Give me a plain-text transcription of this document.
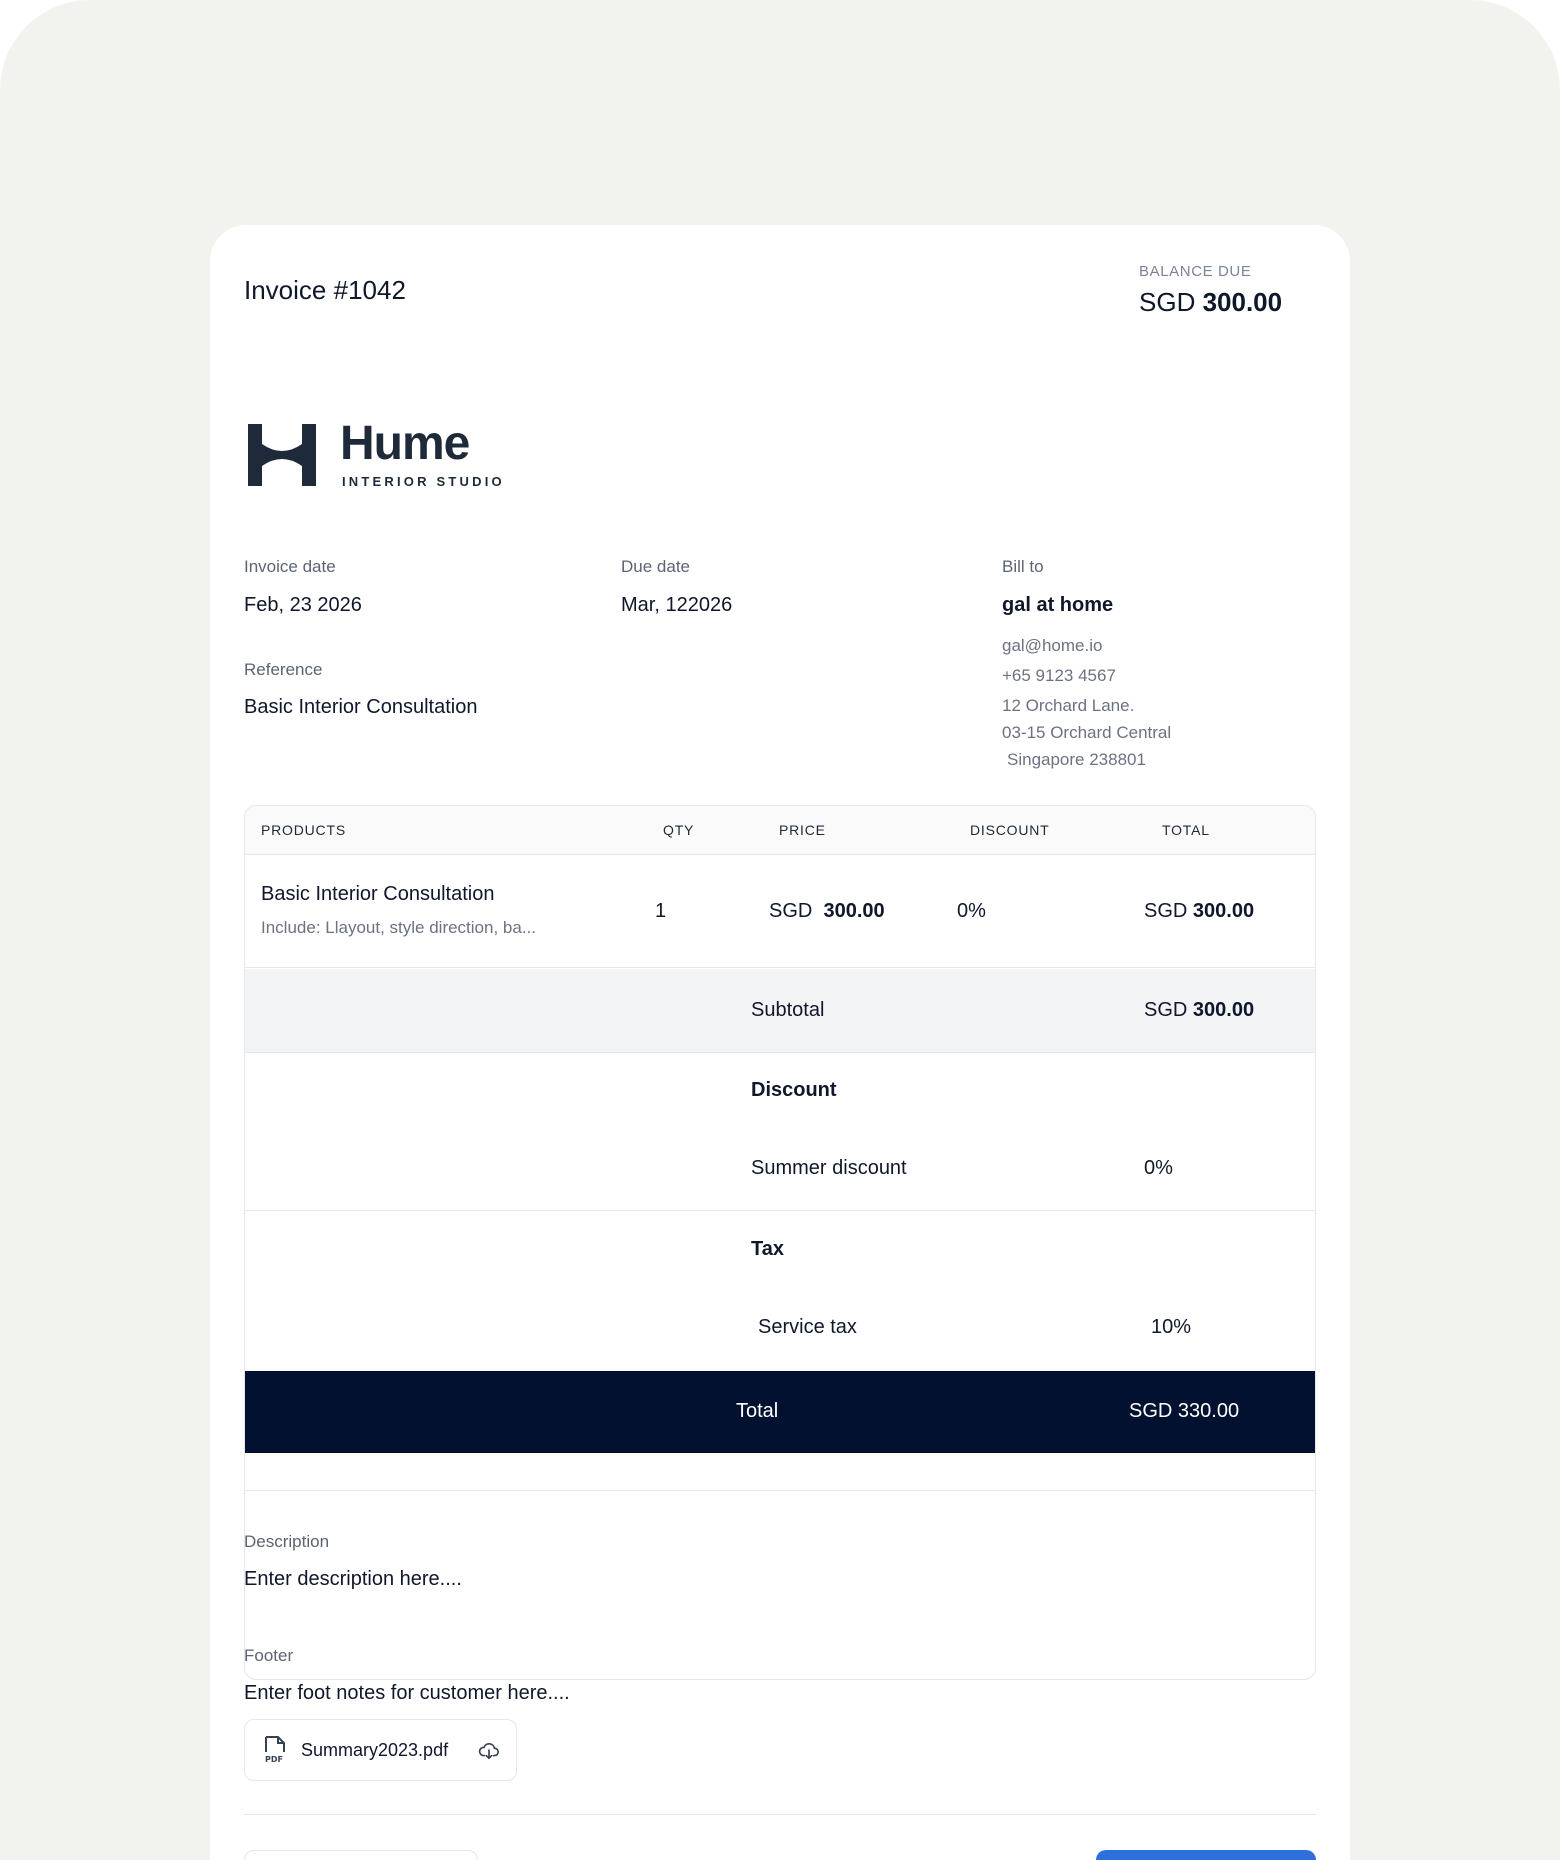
Invoice #1042
BALANCE DUE
SGD 300.00
Hume
INTERIOR STUDIO
Invoice date
Feb, 23 2026
Due date
Mar, 122026
Reference
Basic Interior Consultation
Bill to
gal at home
gal@home.io
+65 9123 4567
12 Orchard Lane.
03-15 Orchard Central
Singapore 238801
PRODUCTS	QTY	PRICE	DISCOUNT	TOTAL
Basic Interior Consultation
Include: Llayout, style direction, ba...
1	SGD 300.00	0%	SGD 300.00
Subtotal	SGD 300.00
Discount
Summer discount	0%
Tax
Service tax	10%
Total	SGD 330.00
Description
Enter description here....
Footer
Enter foot notes for customer here....
PDF Summary2023.pdf
